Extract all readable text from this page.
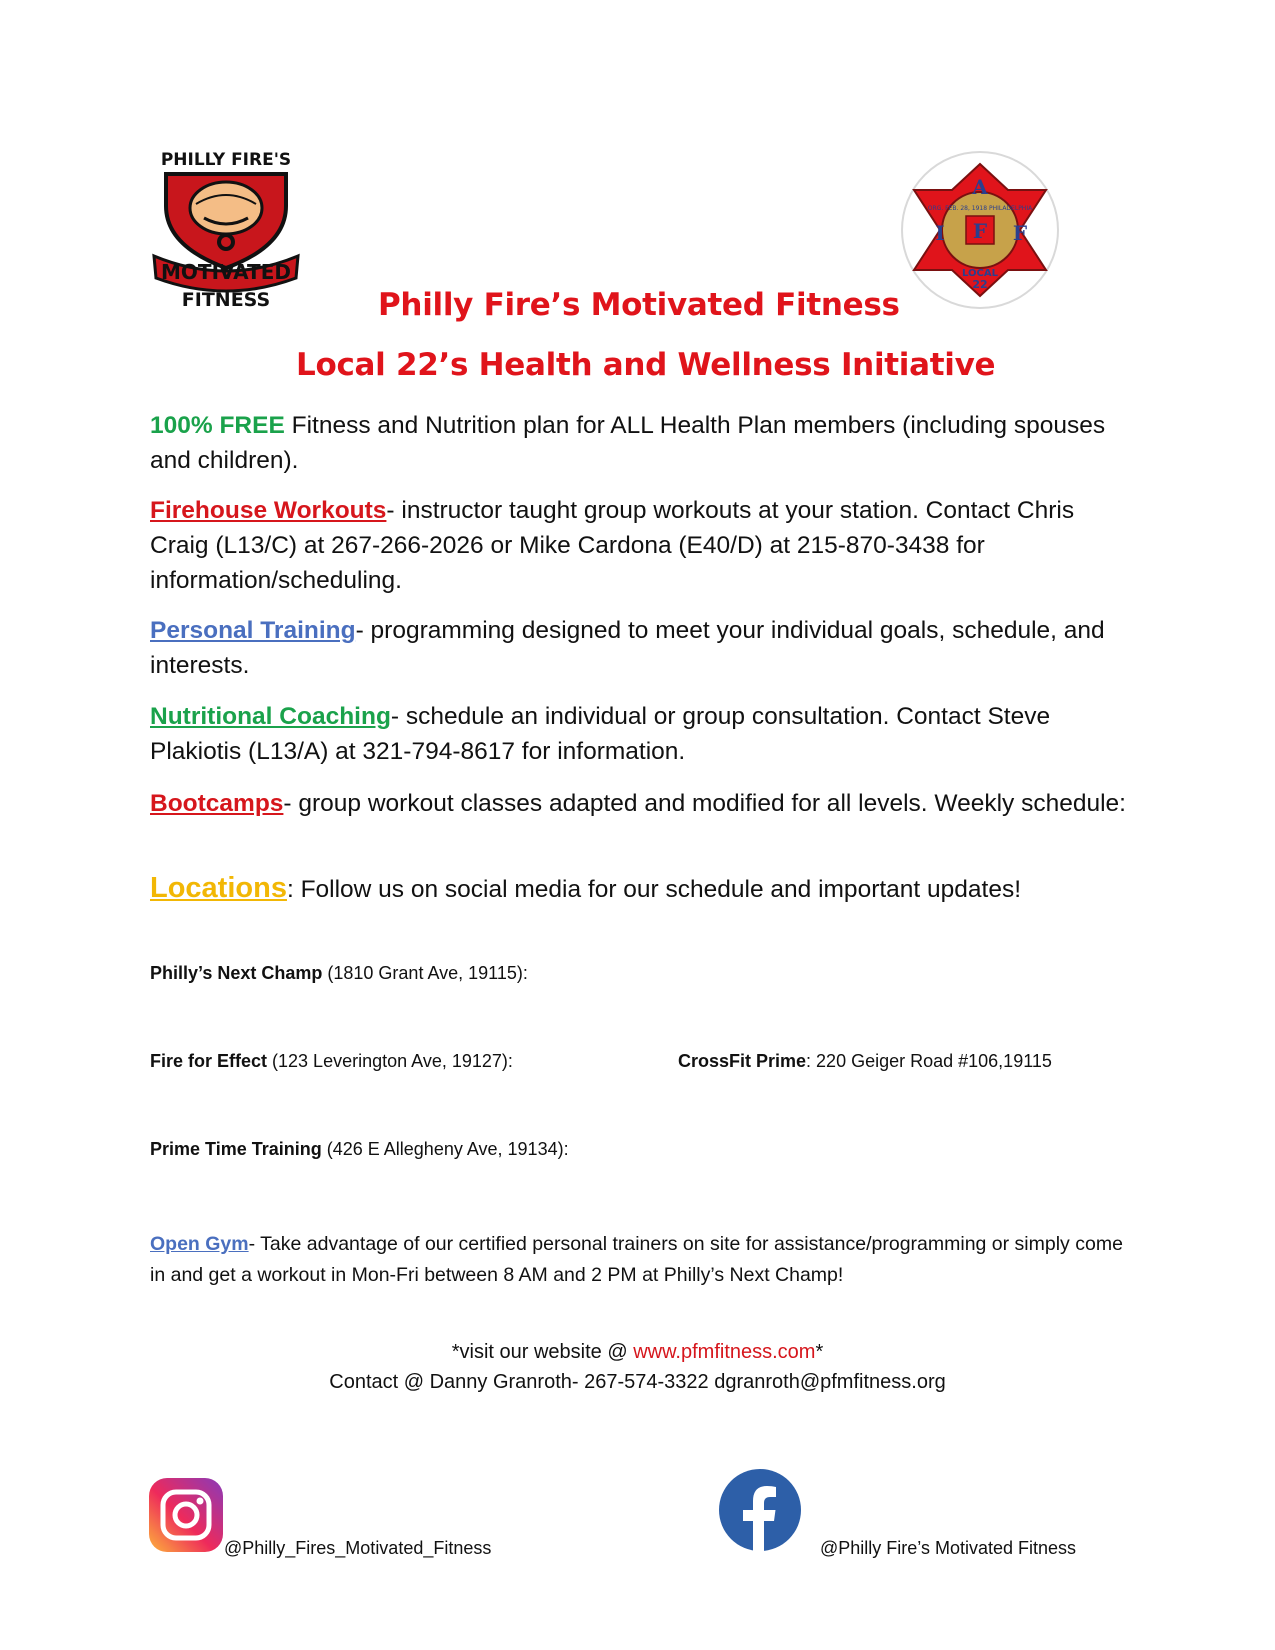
PHILLY FIRE'S
MOTIVATED
FITNESS
A
I	F
F
LOCAL
22
ORG. FEB. 28, 1918 PHILADELPHIA
Philly Fire’s Motivated Fitness
Local 22’s Health and Wellness Initiative
100% FREE Fitness and Nutrition plan for ALL Health Plan members (including spouses and children).
Firehouse Workouts- instructor taught group workouts at your station. Contact Chris Craig (L13/C) at 267-266-2026 or Mike Cardona (E40/D) at 215-870-3438 for information/scheduling.
Personal Training- programming designed to meet your individual goals, schedule, and interests.
Nutritional Coaching- schedule an individual or group consultation. Contact Steve Plakiotis (L13/A) at 321-794-8617 for information.
Bootcamps- group workout classes adapted and modified for all levels. Weekly schedule:
Locations: Follow us on social media for our schedule and important updates!
Philly’s Next Champ (1810 Grant Ave, 19115):
Fire for Effect (123 Leverington Ave, 19127):	CrossFit Prime: 220 Geiger Road #106,19115
Prime Time Training (426 E Allegheny Ave, 19134):
Open Gym- Take advantage of our certified personal trainers on site for assistance/programming or simply come in and get a workout in Mon-Fri between 8 AM and 2 PM at Philly’s Next Champ!
*visit our website @ www.pfmfitness.com*
Contact @ Danny Granroth- 267-574-3322 dgranroth@pfmfitness.org
@Philly_Fires_Motivated_Fitness	@Philly Fire’s Motivated Fitness
